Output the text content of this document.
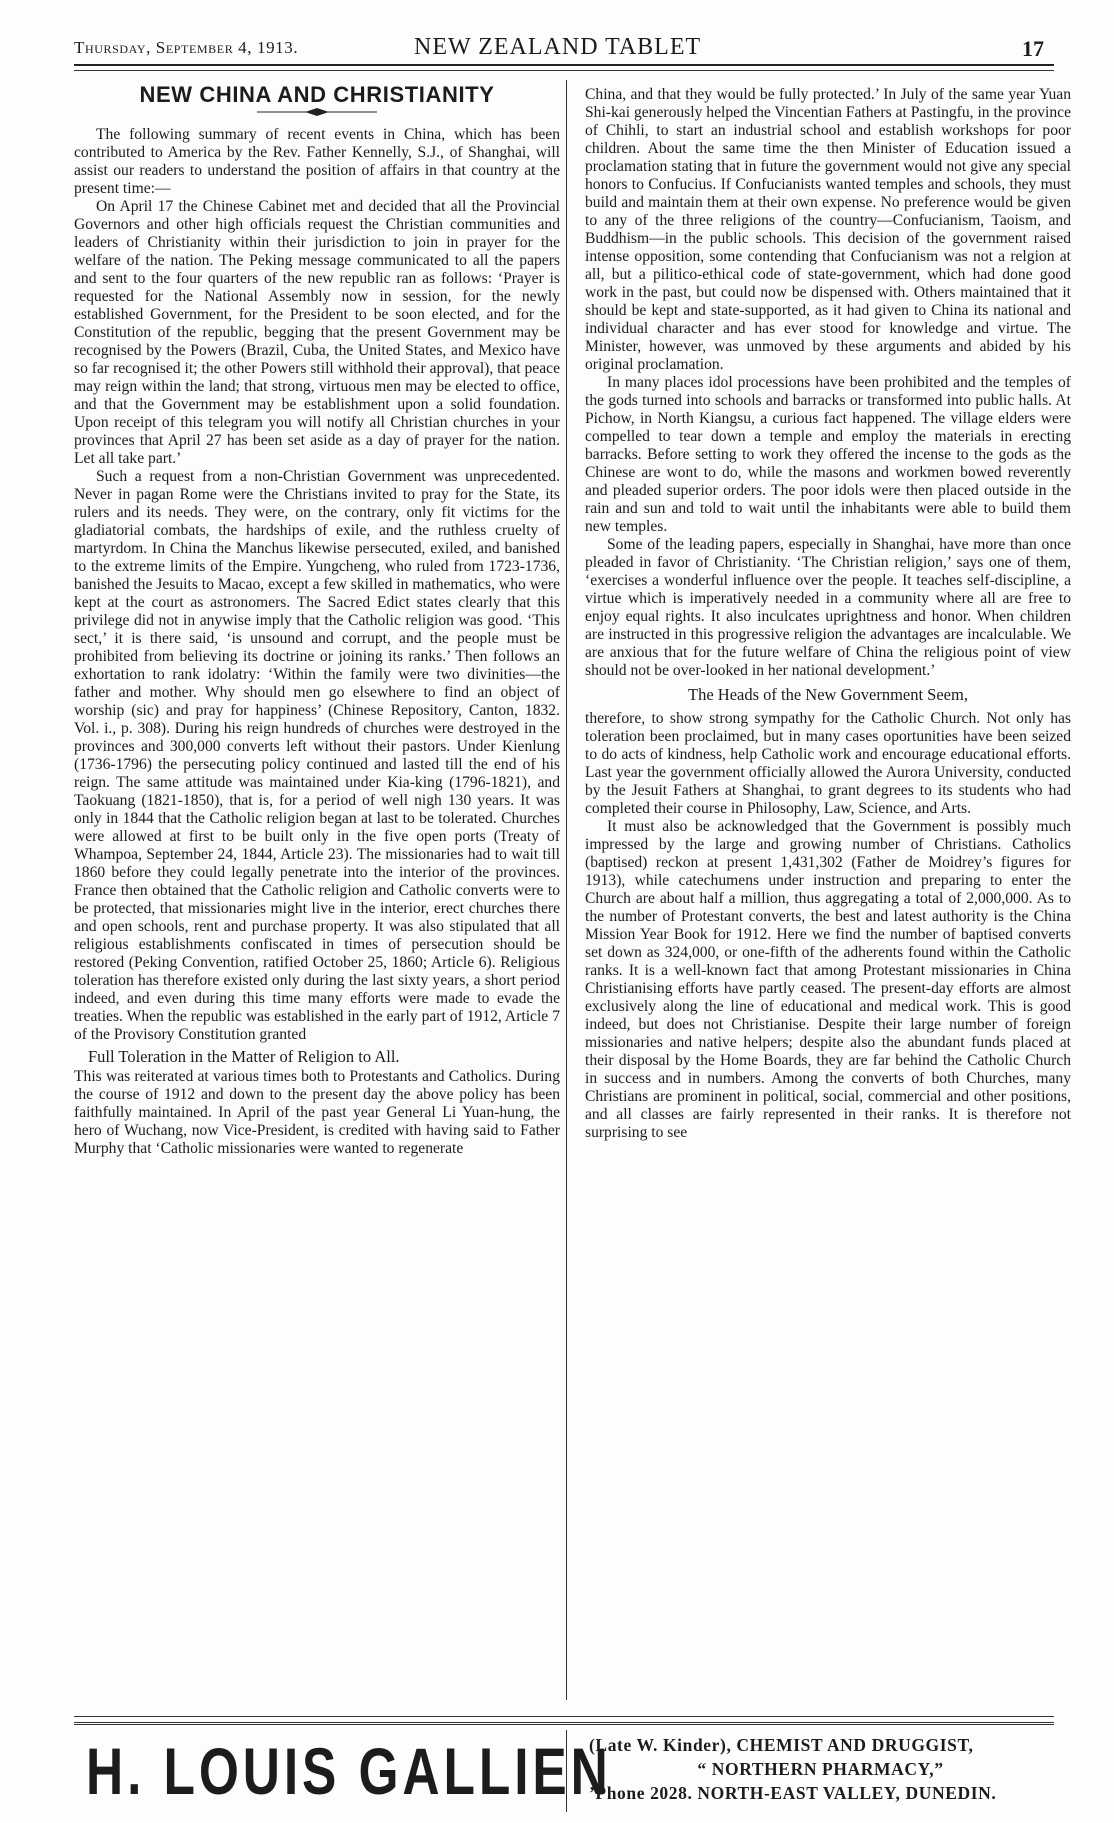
Thursday, September 4, 1913.	NEW ZEALAND TABLET	17
NEW CHINA AND CHRISTIANITY

The following summary of recent events in China, which has been contributed to America by the Rev. Father Kennelly, S.J., of Shanghai, will assist our readers to understand the position of affairs in that country at the present time:—

On April 17 the Chinese Cabinet met and decided that all the Provincial Governors and other high officials request the Christian communities and leaders of Christianity within their jurisdiction to join in prayer for the welfare of the nation. The Peking message communicated to all the papers and sent to the four quarters of the new republic ran as follows: ‘Prayer is requested for the National Assembly now in session, for the newly established Government, for the President to be soon elected, and for the Constitution of the republic, begging that the present Government may be recognised by the Powers (Brazil, Cuba, the United States, and Mexico have so far recognised it; the other Powers still withhold their approval), that peace may reign within the land; that strong, virtuous men may be elected to office, and that the Government may be establishment upon a solid foundation. Upon receipt of this telegram you will notify all Christian churches in your provinces that April 27 has been set aside as a day of prayer for the nation. Let all take part.’

Such a request from a non-Christian Government was unprecedented. Never in pagan Rome were the Christians invited to pray for the State, its rulers and its needs. They were, on the contrary, only fit victims for the gladiatorial combats, the hardships of exile, and the ruthless cruelty of martyrdom. In China the Manchus likewise persecuted, exiled, and banished to the extreme limits of the Empire. Yungcheng, who ruled from 1723-1736, banished the Jesuits to Macao, except a few skilled in mathematics, who were kept at the court as astronomers. The Sacred Edict states clearly that this privilege did not in anywise imply that the Catholic religion was good. ‘This sect,’ it is there said, ‘is unsound and corrupt, and the people must be prohibited from believing its doctrine or joining its ranks.’ Then follows an exhortation to rank idolatry: ‘Within the family were two divinities—the father and mother. Why should men go elsewhere to find an object of worship (sic) and pray for happiness’ (Chinese Repository, Canton, 1832. Vol. i., p. 308). During his reign hundreds of churches were destroyed in the provinces and 300,000 converts left without their pastors. Under Kienlung (1736-1796) the persecuting policy continued and lasted till the end of his reign. The same attitude was maintained under Kia-king (1796-1821), and Taokuang (1821-1850), that is, for a period of well nigh 130 years. It was only in 1844 that the Catholic religion began at last to be tolerated. Churches were allowed at first to be built only in the five open ports (Treaty of Whampoa, September 24, 1844, Article 23). The missionaries had to wait till 1860 before they could legally penetrate into the interior of the provinces. France then obtained that the Catholic religion and Catholic converts were to be protected, that missionaries might live in the interior, erect churches there and open schools, rent and purchase property. It was also stipulated that all religious establishments confiscated in times of persecution should be restored (Peking Convention, ratified October 25, 1860; Article 6). Religious toleration has therefore existed only during the last sixty years, a short period indeed, and even during this time many efforts were made to evade the treaties. When the republic was established in the early part of 1912, Article 7 of the Provisory Constitution granted

Full Toleration in the Matter of Religion to All.

This was reiterated at various times both to Protestants and Catholics. During the course of 1912 and down to the present day the above policy has been faithfully maintained. In April of the past year General Li Yuan-hung, the hero of Wuchang, now Vice-President, is credited with having said to Father Murphy that ‘Catholic missionaries were wanted to regenerate

China, and that they would be fully protected.’ In July of the same year Yuan Shi-kai generously helped the Vincentian Fathers at Pastingfu, in the province of Chihli, to start an industrial school and establish workshops for poor children. About the same time the then Minister of Education issued a proclamation stating that in future the government would not give any special honors to Confucius. If Confucianists wanted temples and schools, they must build and maintain them at their own expense. No preference would be given to any of the three religions of the country—Confucianism, Taoism, and Buddhism—in the public schools. This decision of the government raised intense opposition, some contending that Confucianism was not a relgion at all, but a pilitico-ethical code of state-government, which had done good work in the past, but could now be dispensed with. Others maintained that it should be kept and state-supported, as it had given to China its national and individual character and has ever stood for knowledge and virtue. The Minister, however, was unmoved by these arguments and abided by his original proclamation.

In many places idol processions have been prohibited and the temples of the gods turned into schools and barracks or transformed into public halls. At Pichow, in North Kiangsu, a curious fact happened. The village elders were compelled to tear down a temple and employ the materials in erecting barracks. Before setting to work they offered the incense to the gods as the Chinese are wont to do, while the masons and workmen bowed reverently and pleaded superior orders. The poor idols were then placed outside in the rain and sun and told to wait until the inhabitants were able to build them new temples.

Some of the leading papers, especially in Shanghai, have more than once pleaded in favor of Christianity. ‘The Christian religion,’ says one of them, ‘exercises a wonderful influence over the people. It teaches self-discipline, a virtue which is imperatively needed in a community where all are free to enjoy equal rights. It also inculcates uprightness and honor. When children are instructed in this progressive religion the advantages are incalculable. We are anxious that for the future welfare of China the religious point of view should not be over-looked in her national development.’

The Heads of the New Government Seem,

therefore, to show strong sympathy for the Catholic Church. Not only has toleration been proclaimed, but in many cases oportunities have been seized to do acts of kindness, help Catholic work and encourage educational efforts. Last year the government officially allowed the Aurora University, conducted by the Jesuit Fathers at Shanghai, to grant degrees to its students who had completed their course in Philosophy, Law, Science, and Arts.

It must also be acknowledged that the Government is possibly much impressed by the large and growing number of Christians. Catholics (baptised) reckon at present 1,431,302 (Father de Moidrey’s figures for 1913), while catechumens under instruction and preparing to enter the Church are about half a million, thus aggregating a total of 2,000,000. As to the number of Protestant converts, the best and latest authority is the China Mission Year Book for 1912. Here we find the number of baptised converts set down as 324,000, or one-fifth of the adherents found within the Catholic ranks. It is a well-known fact that among Protestant missionaries in China Christianising efforts have partly ceased. The present-day efforts are almost exclusively along the line of educational and medical work. This is good indeed, but does not Christianise. Despite their large number of foreign missionaries and native helpers; despite also the abundant funds placed at their disposal by the Home Boards, they are far behind the Catholic Church in success and in numbers. Among the converts of both Churches, many Christians are prominent in political, social, commercial and other positions, and all classes are fairly represented in their ranks. It is therefore not surprising to see

H. LOUIS GALLIEN
(Late W. Kinder), CHEMIST AND DRUGGIST,
“ NORTHERN PHARMACY,”
’Phone 2028. NORTH-EAST VALLEY, DUNEDIN.
